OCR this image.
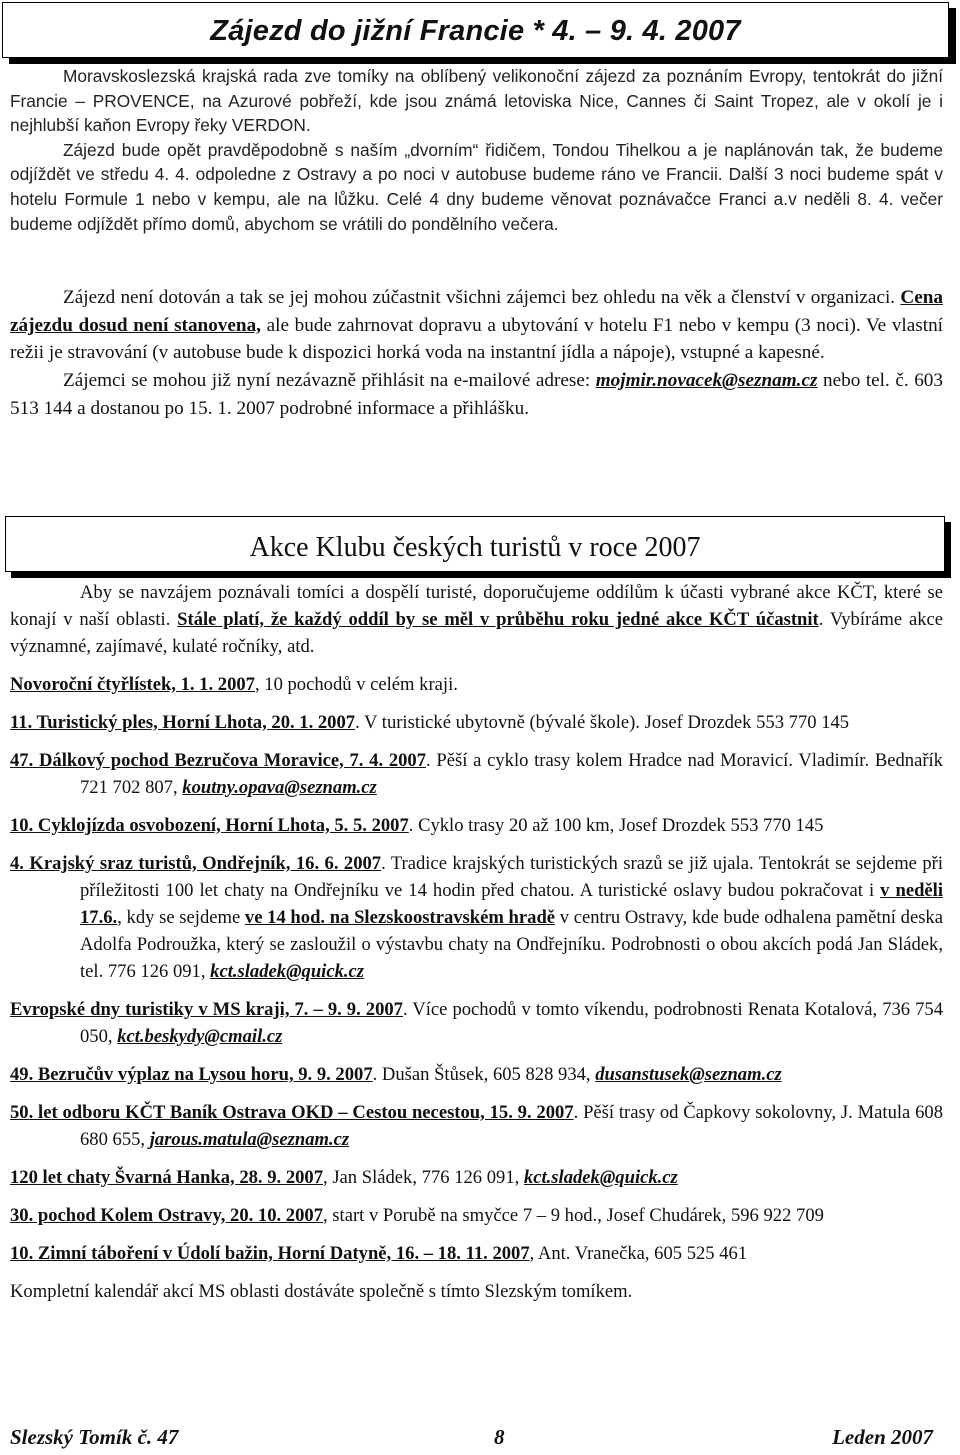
Zájezd do jižní Francie * 4. – 9. 4. 2007

Moravskoslezská krajská rada zve tomíky na oblíbený velikonoční zájezd za poznáním Evropy, tentokrát do jižní Francie – PROVENCE, na Azurové pobřeží, kde jsou známá letoviska Nice, Cannes či Saint Tropez, ale v okolí je i nejhlubší kaňon Evropy řeky VERDON.

Zájezd bude opět pravděpodobně s naším „dvorním“ řidičem, Tondou Tihelkou a je naplánován tak, že budeme odjíždět ve středu 4. 4. odpoledne z Ostravy a po noci v autobuse budeme ráno ve Francii. Další 3 noci budeme spát v hotelu Formule 1 nebo v kempu, ale na lůžku. Celé 4 dny budeme věnovat poznávačce Franci a.v neděli 8. 4. večer budeme odjíždět přímo domů, abychom se vrátili do pondělního večera.

Zájezd není dotován a tak se jej mohou zúčastnit všichni zájemci bez ohledu na věk a členství v organizaci. Cena zájezdu dosud není stanovena, ale bude zahrnovat dopravu a ubytování v hotelu F1 nebo v kempu (3 noci). Ve vlastní režii je stravování (v autobuse bude k dispozici horká voda na instantní jídla a nápoje), vstupné a kapesné.

Zájemci se mohou již nyní nezávazně přihlásit na e-mailové adrese: mojmir.novacek@seznam.cz nebo tel. č. 603 513 144 a dostanou po 15. 1. 2007 podrobné informace a přihlášku.

Akce Klubu českých turistů v roce 2007

Aby se navzájem poznávali tomíci a dospělí turisté, doporučujeme oddílům k účasti vybrané akce KČT, které se konají v naší oblasti. Stále platí, že každý oddíl by se měl v průběhu roku jedné akce KČT účastnit. Vybíráme akce významné, zajímavé, kulaté ročníky, atd.

Novoroční čtyřlístek, 1. 1. 2007, 10 pochodů v celém kraji.

11. Turistický ples, Horní Lhota, 20. 1. 2007. V turistické ubytovně (bývalé škole). Josef Drozdek 553 770 145

47. Dálkový pochod Bezručova Moravice, 7. 4. 2007. Pěší a cyklo trasy kolem Hradce nad Moravicí. Vladimír. Bednařík 721 702 807, koutny.opava@seznam.cz

10. Cyklojízda osvobození, Horní Lhota, 5. 5. 2007. Cyklo trasy 20 až 100 km, Josef Drozdek 553 770 145

4. Krajský sraz turistů, Ondřejník, 16. 6. 2007. Tradice krajských turistických srazů se již ujala. Tentokrát se sejdeme při příležitosti 100 let chaty na Ondřejníku ve 14 hodin před chatou. A turistické oslavy budou pokračovat i v neděli 17.6., kdy se sejdeme ve 14 hod. na Slezskoostravském hradě v centru Ostravy, kde bude odhalena pamětní deska Adolfa Podroužka, který se zasloužil o výstavbu chaty na Ondřejníku. Podrobnosti o obou akcích podá Jan Sládek, tel. 776 126 091, kct.sladek@quick.cz

Evropské dny turistiky v MS kraji, 7. – 9. 9. 2007. Více pochodů v tomto víkendu, podrobnosti Renata Kotalová, 736 754 050, kct.beskydy@cmail.cz

49. Bezručův výplaz na Lysou horu, 9. 9. 2007. Dušan Štůsek, 605 828 934, dusanstusek@seznam.cz

50. let odboru KČT Baník Ostrava OKD – Cestou necestou, 15. 9. 2007. Pěší trasy od Čapkovy sokolovny, J. Matula 608 680 655, jarous.matula@seznam.cz

120 let chaty Švarná Hanka, 28. 9. 2007, Jan Sládek, 776 126 091, kct.sladek@quick.cz

30. pochod Kolem Ostravy, 20. 10. 2007, start v Porubě na smyčce 7 – 9 hod., Josef Chudárek, 596 922 709

10. Zimní táboření v Údolí bažin, Horní Datyně, 16. – 18. 11. 2007, Ant. Vranečka, 605 525 461

Kompletní kalendář akcí MS oblasti dostáváte společně s tímto Slezským tomíkem.

Slezský Tomík č. 47	8	Leden 2007
